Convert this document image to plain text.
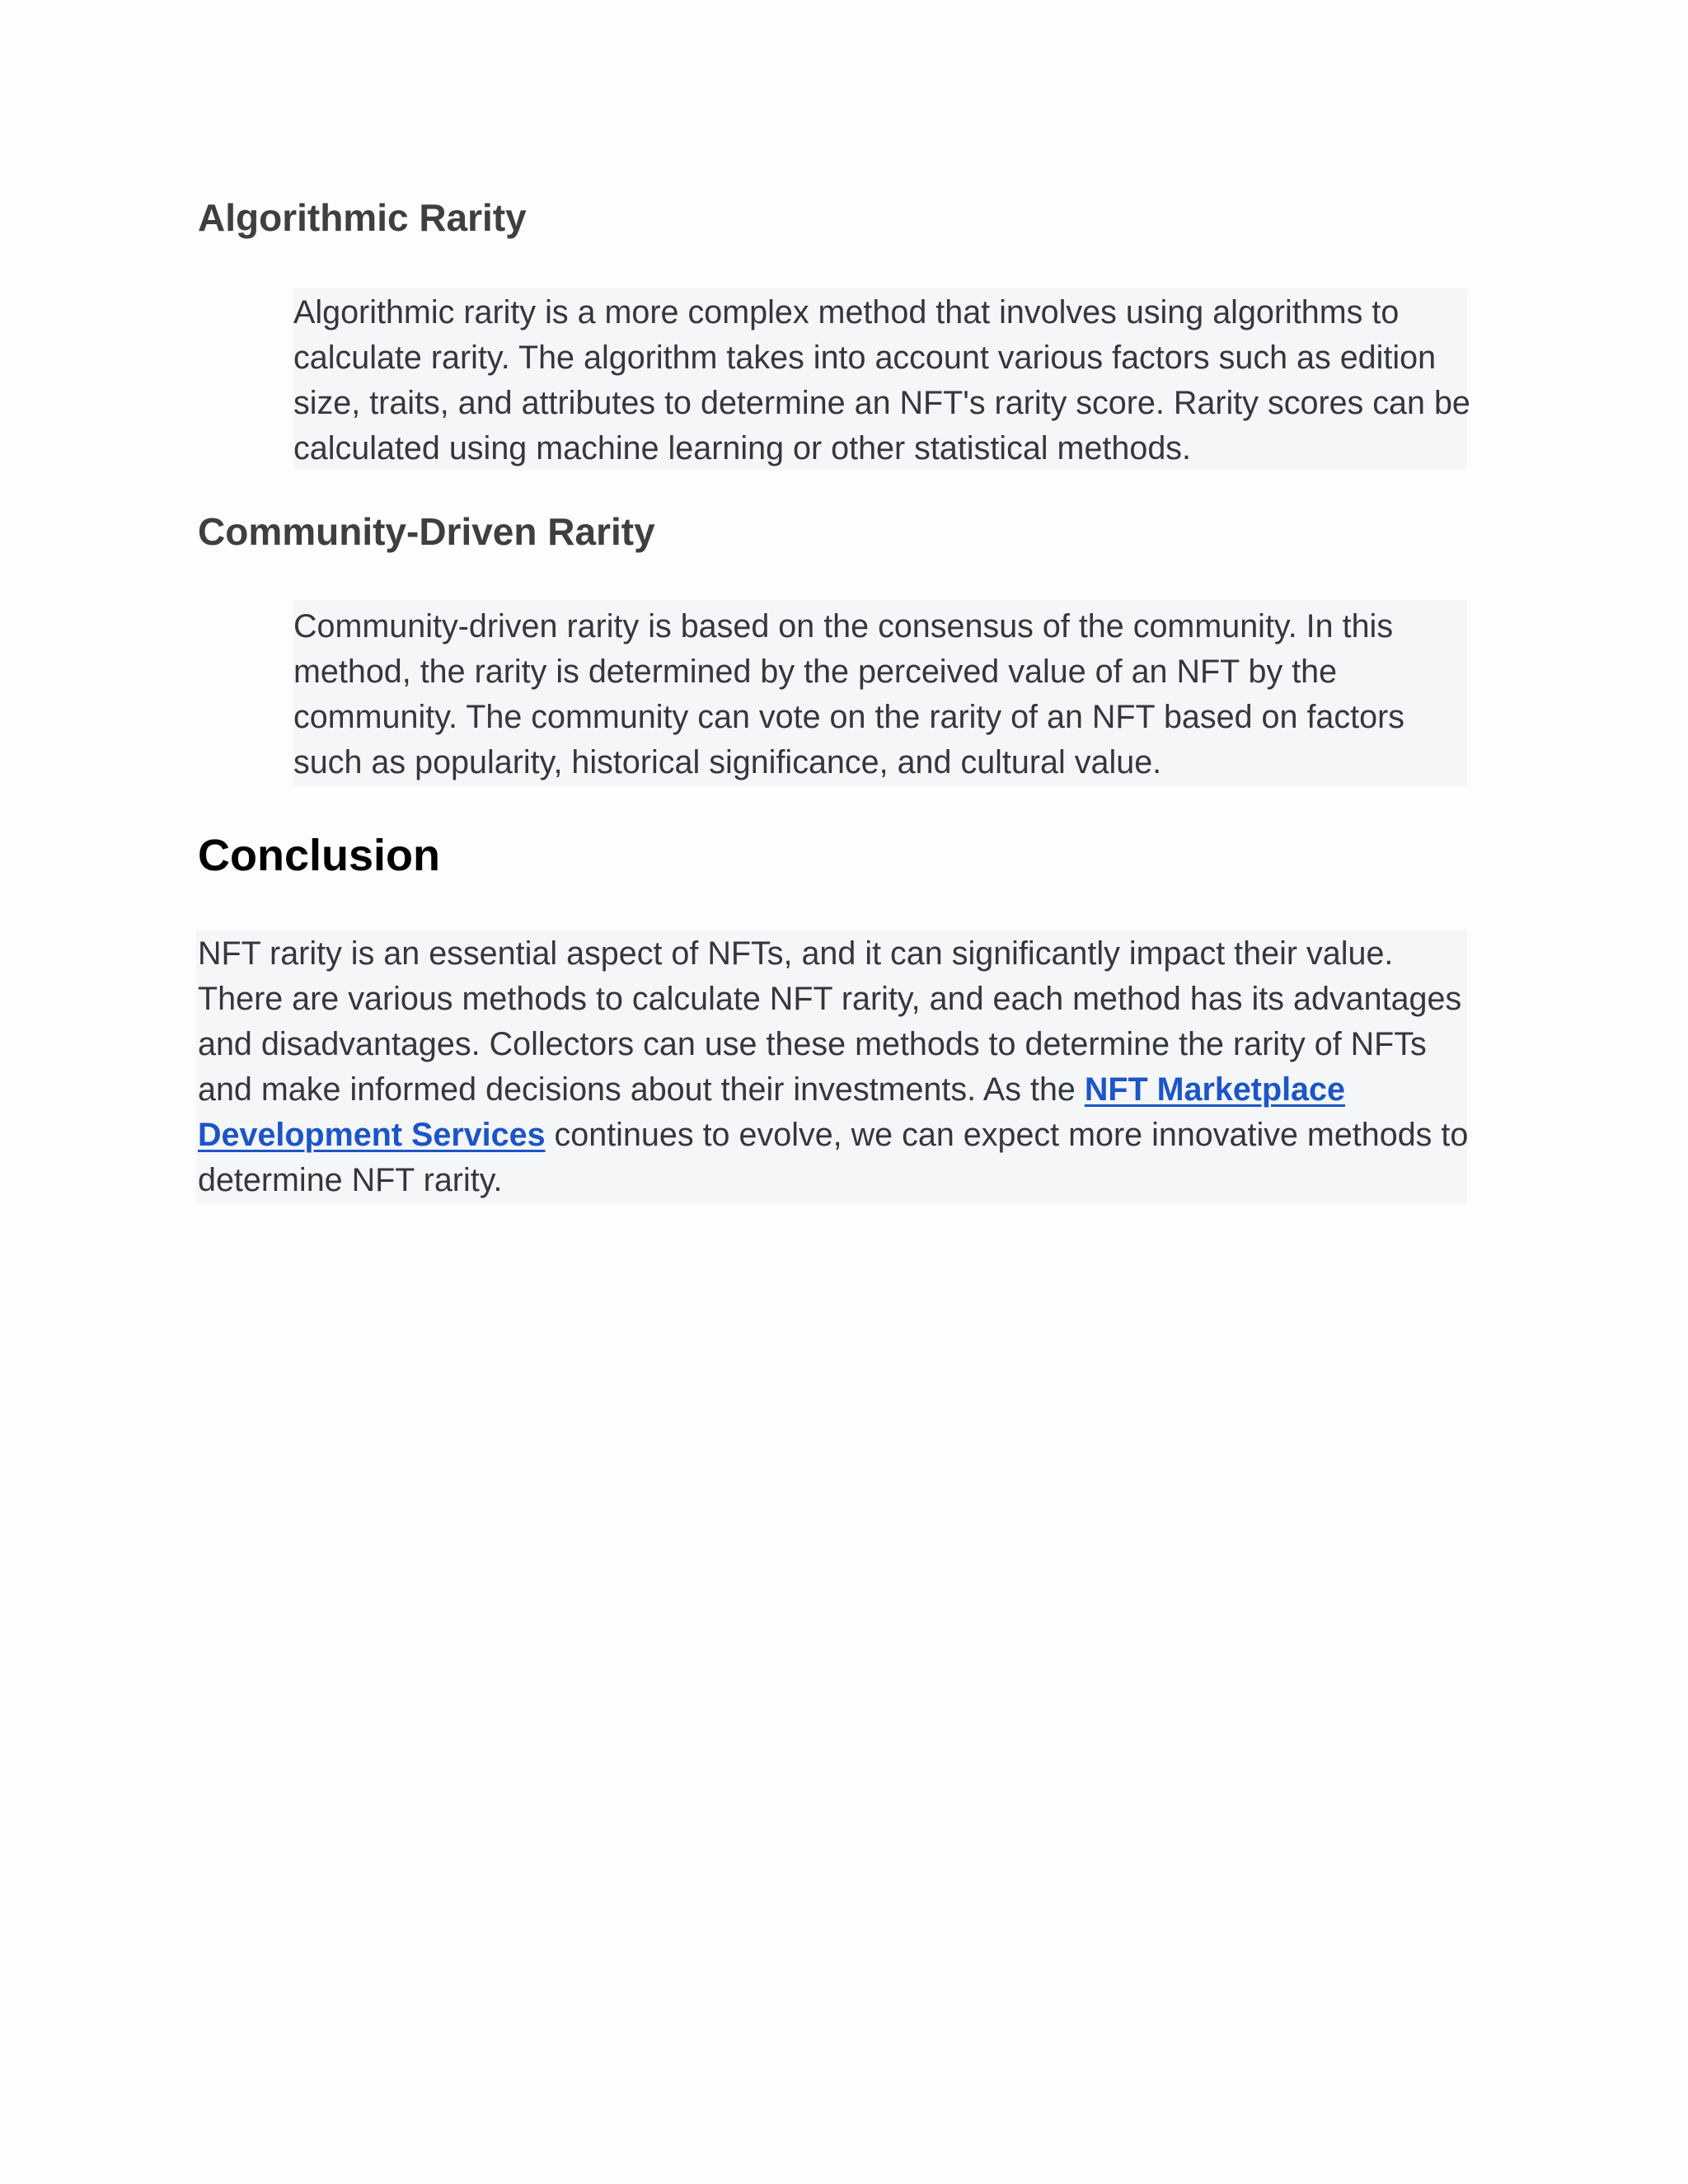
Algorithmic Rarity

Algorithmic rarity is a more complex method that involves using algorithms to
calculate rarity. The algorithm takes into account various factors such as edition
size, traits, and attributes to determine an NFT's rarity score. Rarity scores can be
calculated using machine learning or other statistical methods.

Community-Driven Rarity

Community-driven rarity is based on the consensus of the community. In this
method, the rarity is determined by the perceived value of an NFT by the
community. The community can vote on the rarity of an NFT based on factors
such as popularity, historical significance, and cultural value.

Conclusion

NFT rarity is an essential aspect of NFTs, and it can significantly impact their value.
There are various methods to calculate NFT rarity, and each method has its advantages
and disadvantages. Collectors can use these methods to determine the rarity of NFTs
and make informed decisions about their investments. As the NFT Marketplace
Development Services continues to evolve, we can expect more innovative methods to
determine NFT rarity.
